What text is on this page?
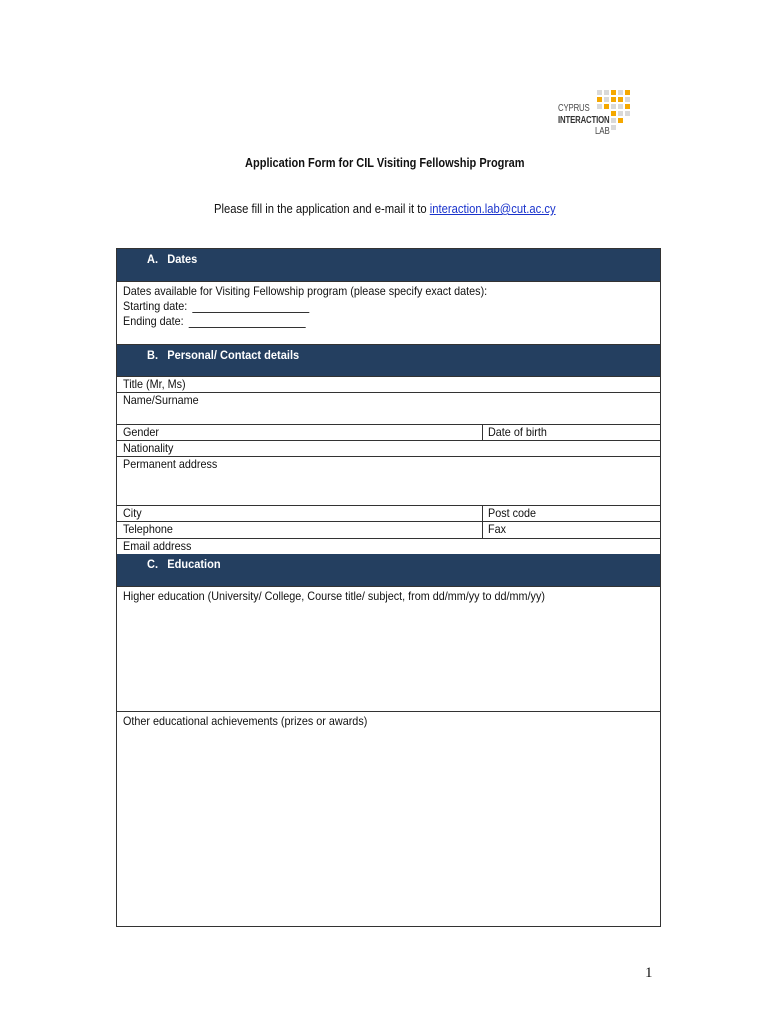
CYPRUS
INTERACTION
LAB
Application Form for CIL Visiting Fellowship Program
Please fill in the application and e-mail it to interaction.lab@cut.ac.cy
A.   Dates
Dates available for Visiting Fellowship program (please specify exact dates):
Starting date:
Ending date:
B.   Personal/ Contact details
Title (Mr, Ms)
Name/Surname
Gender	Date of birth
Nationality
Permanent address
City	Post code
Telephone	Fax
Email address
C.   Education
Higher education (University/ College, Course title/ subject, from dd/mm/yy to dd/mm/yy)
Other educational achievements (prizes or awards)
1
